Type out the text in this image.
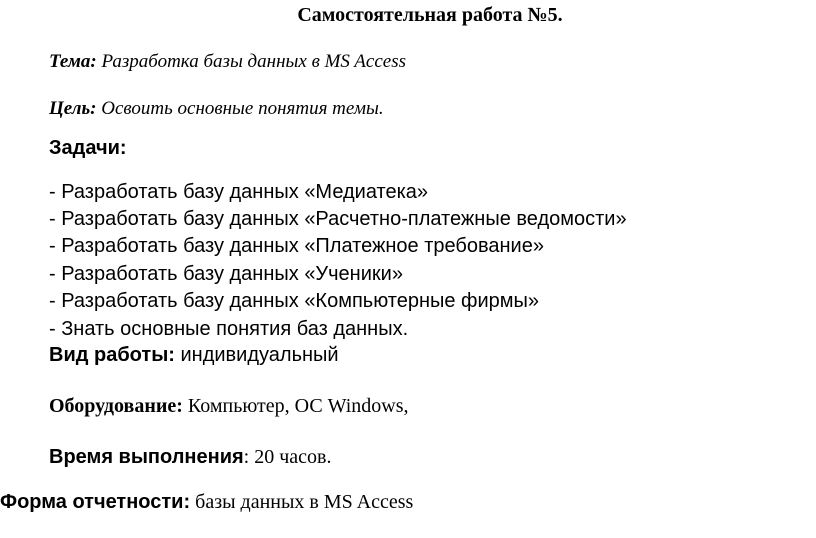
Самостоятельная работа №5.
Тема: Разработка базы данных в MS Access
Цель: Освоить основные понятия темы.
Задачи:
- Разработать базу данных «Медиатека»
- Разработать базу данных «Расчетно-платежные ведомости»
- Разработать базу данных «Платежное требование»
- Разработать базу данных «Ученики»
- Разработать базу данных «Компьютерные фирмы»
- Знать основные понятия баз данных.
Вид работы: индивидуальный
Оборудование: Компьютер, ОС Windows,
Время выполнения: 20 часов.
Форма отчетности: базы данных в MS Access
